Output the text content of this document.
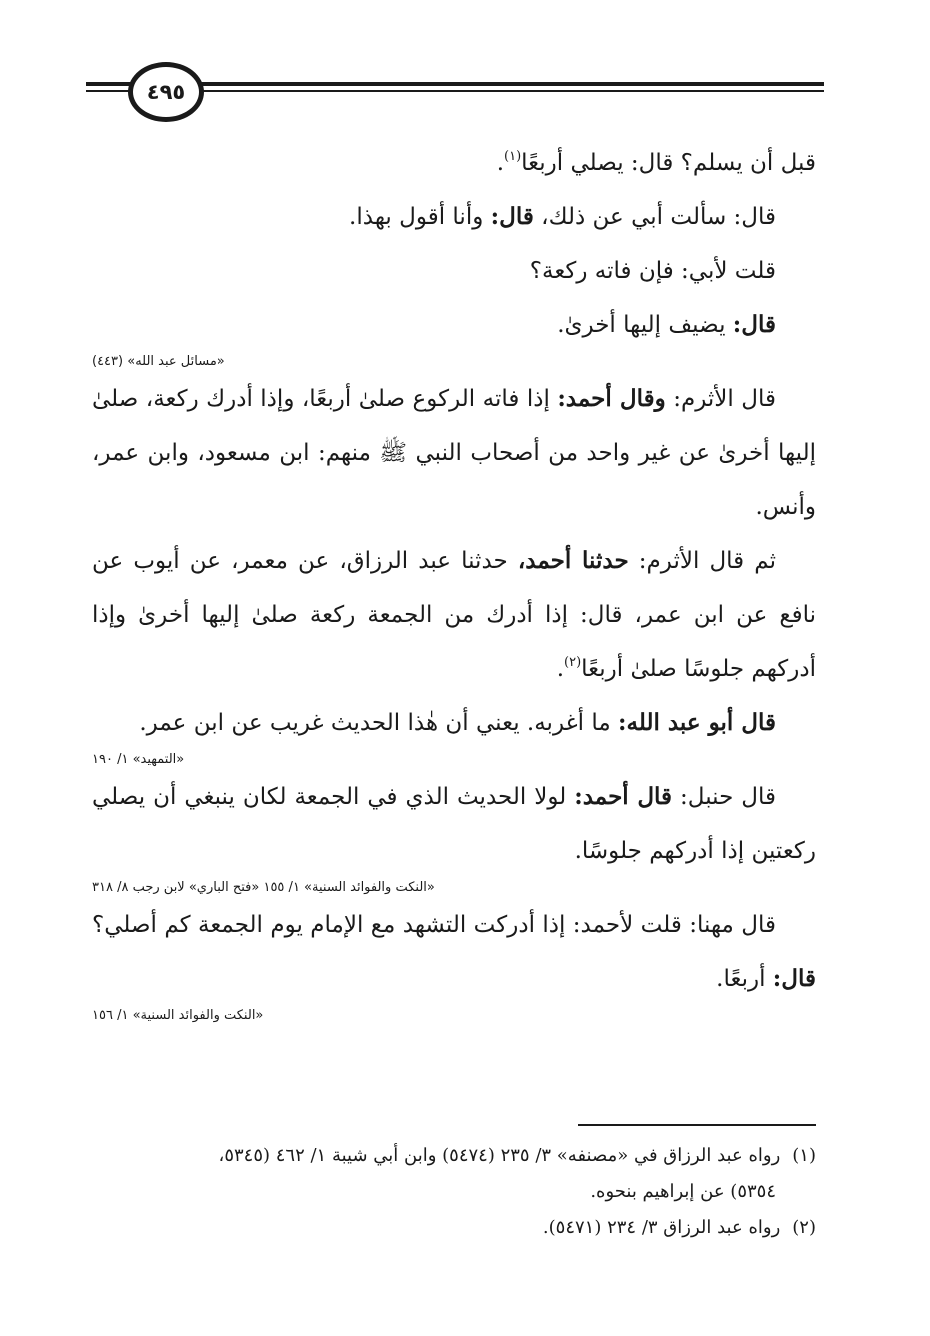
٤٩٥

قبل أن يسلم؟ قال: يصلي أربعًا$^{(١)}$.

قال: سألت أبي عن ذلك، قال: وأنا أقول بهذا.

قلت لأبي: فإن فاته ركعة؟

قال: يضيف إليها أخرىٰ.

«مسائل عبد الله» (٤٤٣)

قال الأثرم: وقال أحمد: إذا فاته الركوع صلىٰ أربعًا، وإذا أدرك ركعة، صلىٰ إليها أخرىٰ عن غير واحد من أصحاب النبي ﷺ منهم: ابن مسعود، وابن عمر، وأنس.

ثم قال الأثرم: حدثنا أحمد، حدثنا عبد الرزاق، عن معمر، عن أيوب عن نافع عن ابن عمر، قال: إذا أدرك من الجمعة ركعة صلىٰ إليها أخرىٰ وإذا أدركهم جلوسًا صلىٰ أربعًا$^{(٢)}$.

قال أبو عبد الله: ما أغربه. يعني أن هٰذا الحديث غريب عن ابن عمر.

«التمهيد» ١/ ١٩٠

قال حنبل: قال أحمد: لولا الحديث الذي في الجمعة لكان ينبغي أن يصلي ركعتين إذا أدركهم جلوسًا.

«النكت والفوائد السنية» ١/ ١٥٥ «فتح الباري» لابن رجب ٨/ ٣١٨

قال مهنا: قلت لأحمد: إذا أدركت التشهد مع الإمام يوم الجمعة كم أصلي؟ قال: أربعًا.

«النكت والفوائد السنية» ١/ ١٥٦

(١)رواه عبد الرزاق في «مصنفه» ٣/ ٢٣٥ (٥٤٧٤) وابن أبي شيبة ١/ ٤٦٢ (٥٣٤٥،
٥٣٥٤) عن إبراهيم بنحوه.

(٢)رواه عبد الرزاق ٣/ ٢٣٤ (٥٤٧١).
